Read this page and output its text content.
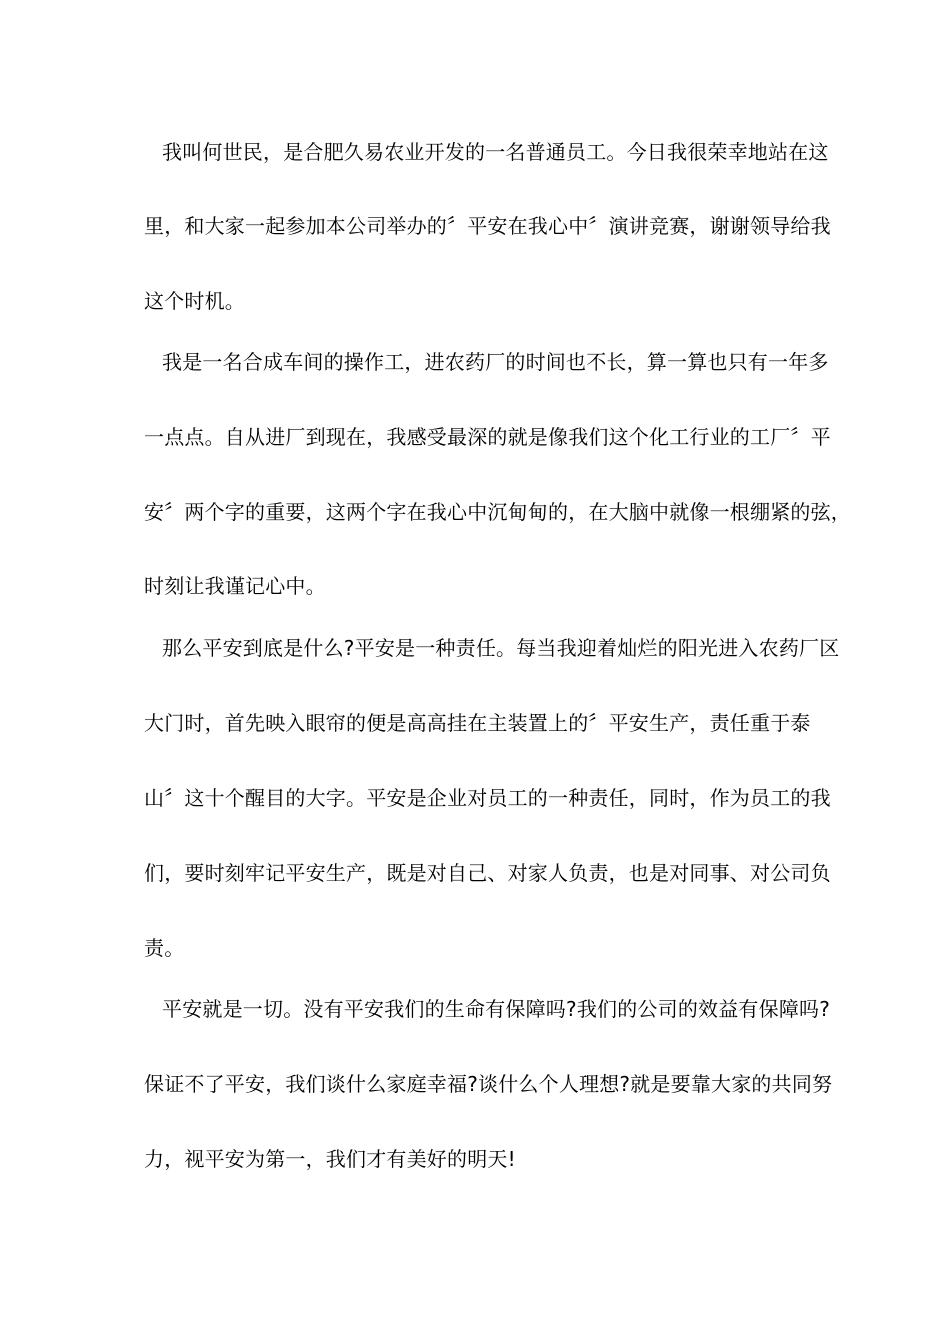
我叫何世民，是合肥久易农业开发的一名普通员工。今日我很荣幸地站在这
里，和大家一起参加本公司举办的〞平安在我心中〞演讲竞赛，谢谢领导给我
这个时机。
我是一名合成车间的操作工，进农药厂的时间也不长，算一算也只有一年多
一点点。自从进厂到现在，我感受最深的就是像我们这个化工行业的工厂〞平
安〞两个字的重要，这两个字在我心中沉甸甸的，在大脑中就像一根绷紧的弦，
时刻让我谨记心中。
那么平安到底是什么?平安是一种责任。每当我迎着灿烂的阳光进入农药厂区
大门时，首先映入眼帘的便是高高挂在主装置上的〞平安生产，责任重于泰
山〞这十个醒目的大字。平安是企业对员工的一种责任，同时，作为员工的我
们，要时刻牢记平安生产，既是对自己、对家人负责，也是对同事、对公司负
责。
平安就是一切。没有平安我们的生命有保障吗?我们的公司的效益有保障吗?
保证不了平安，我们谈什么家庭幸福?谈什么个人理想?就是要靠大家的共同努
力，视平安为第一，我们才有美好的明天!
